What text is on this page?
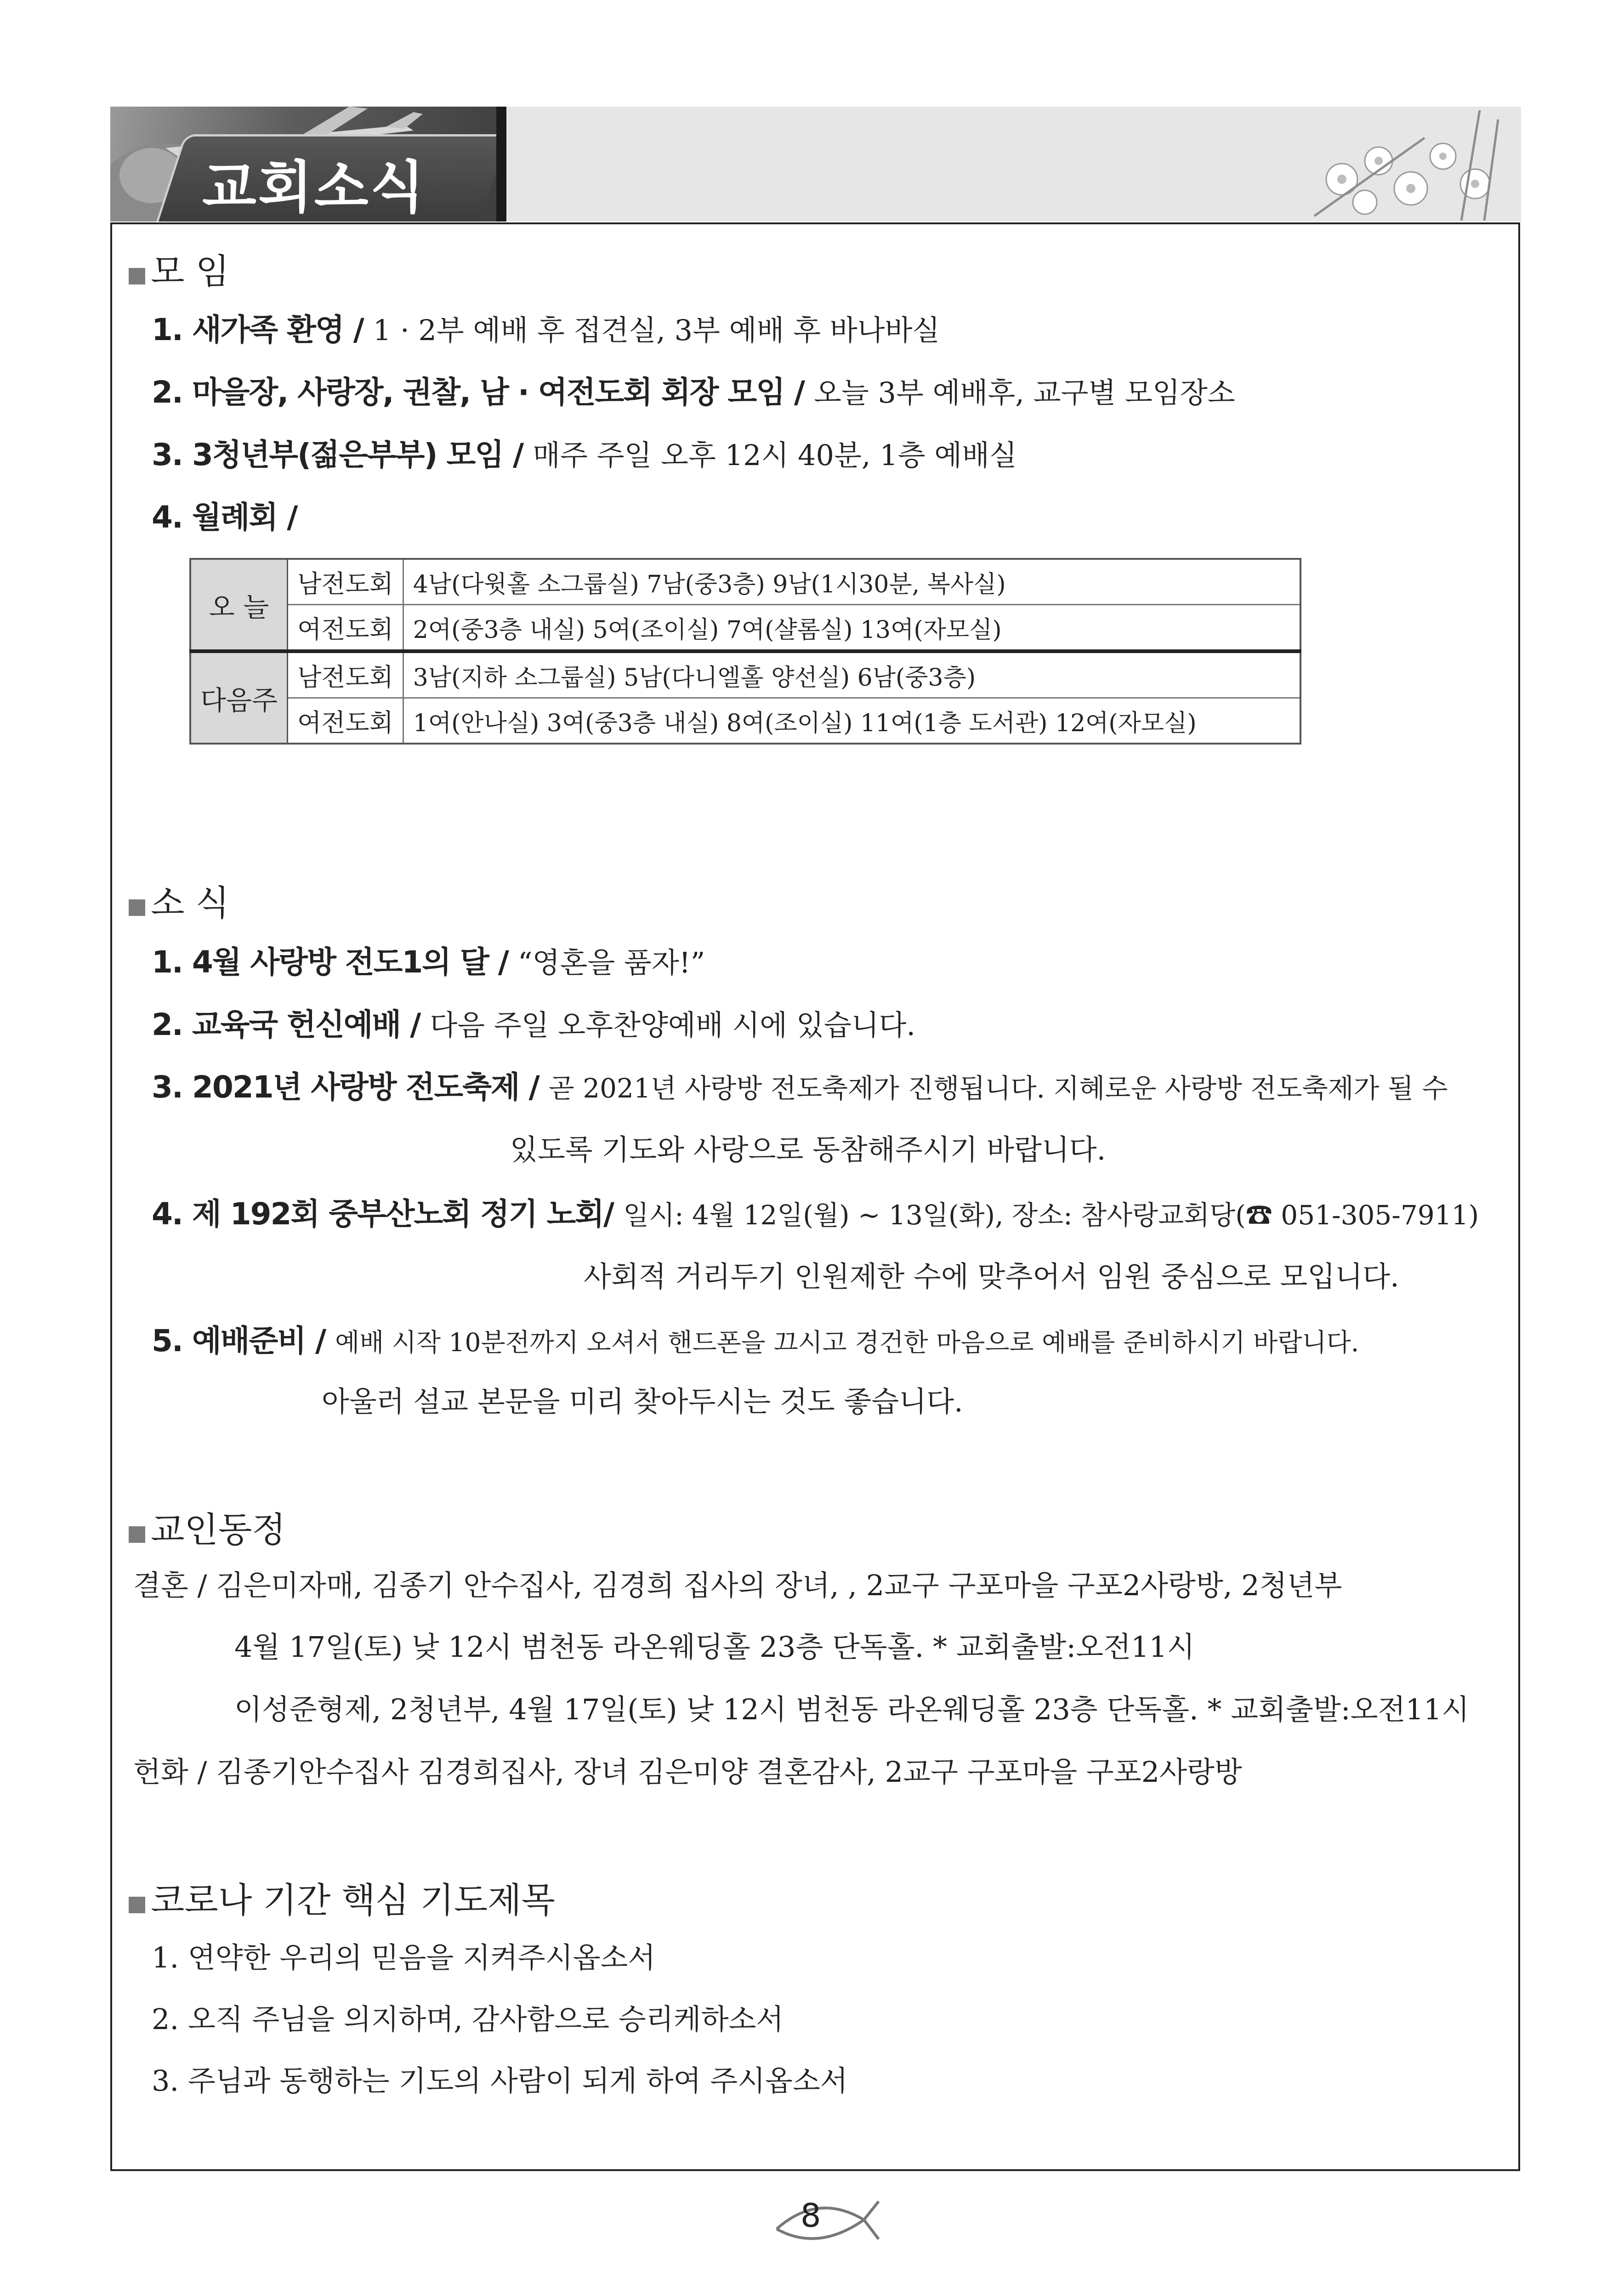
교회소식
모 임
1. 새가족 환영 / 1 · 2부 예배 후 접견실, 3부 예배 후 바나바실
2. 마을장, 사랑장, 권찰, 남 · 여전도회 회장 모임 / 오늘 3부 예배후, 교구별 모임장소
3. 3청년부(젊은부부) 모임 / 매주 주일 오후 12시 40분, 1층 예배실
4. 월례회 /
오 늘	남전도회	4남(다윗홀 소그룹실) 7남(중3층) 9남(1시30분, 복사실)
	여전도회	2여(중3층 내실) 5여(조이실) 7여(샬롬실) 13여(자모실)
다음주	남전도회	3남(지하 소그룹실) 5남(다니엘홀 양선실) 6남(중3층)
	여전도회	1여(안나실) 3여(중3층 내실) 8여(조이실) 11여(1층 도서관) 12여(자모실)
소 식
1. 4월 사랑방 전도1의 달 / “영혼을 품자!”
2. 교육국 헌신예배 / 다음 주일 오후찬양예배 시에 있습니다.
3. 2021년 사랑방 전도축제 / 곧 2021년 사랑방 전도축제가 진행됩니다. 지혜로운 사랑방 전도축제가 될 수
있도록 기도와 사랑으로 동참해주시기 바랍니다.
4. 제 192회 중부산노회 정기 노회/ 일시: 4월 12일(월) ~ 13일(화), 장소: 참사랑교회당(☎ 051-305-7911)
사회적 거리두기 인원제한 수에 맞추어서 임원 중심으로 모입니다.
5. 예배준비 / 예배 시작 10분전까지 오셔서 핸드폰을 끄시고 경건한 마음으로 예배를 준비하시기 바랍니다.
아울러 설교 본문을 미리 찾아두시는 것도 좋습니다.
교인동정
결혼 / 김은미자매, 김종기 안수집사, 김경희 집사의 장녀, , 2교구 구포마을 구포2사랑방, 2청년부
4월 17일(토) 낮 12시 범천동 라온웨딩홀 23층 단독홀. * 교회출발:오전11시
이성준형제, 2청년부, 4월 17일(토) 낮 12시 범천동 라온웨딩홀 23층 단독홀. * 교회출발:오전11시
헌화 / 김종기안수집사 김경희집사, 장녀 김은미양 결혼감사, 2교구 구포마을 구포2사랑방
코로나 기간 핵심 기도제목
1. 연약한 우리의 믿음을 지켜주시옵소서
2. 오직 주님을 의지하며, 감사함으로 승리케하소서
3. 주님과 동행하는 기도의 사람이 되게 하여 주시옵소서
8
